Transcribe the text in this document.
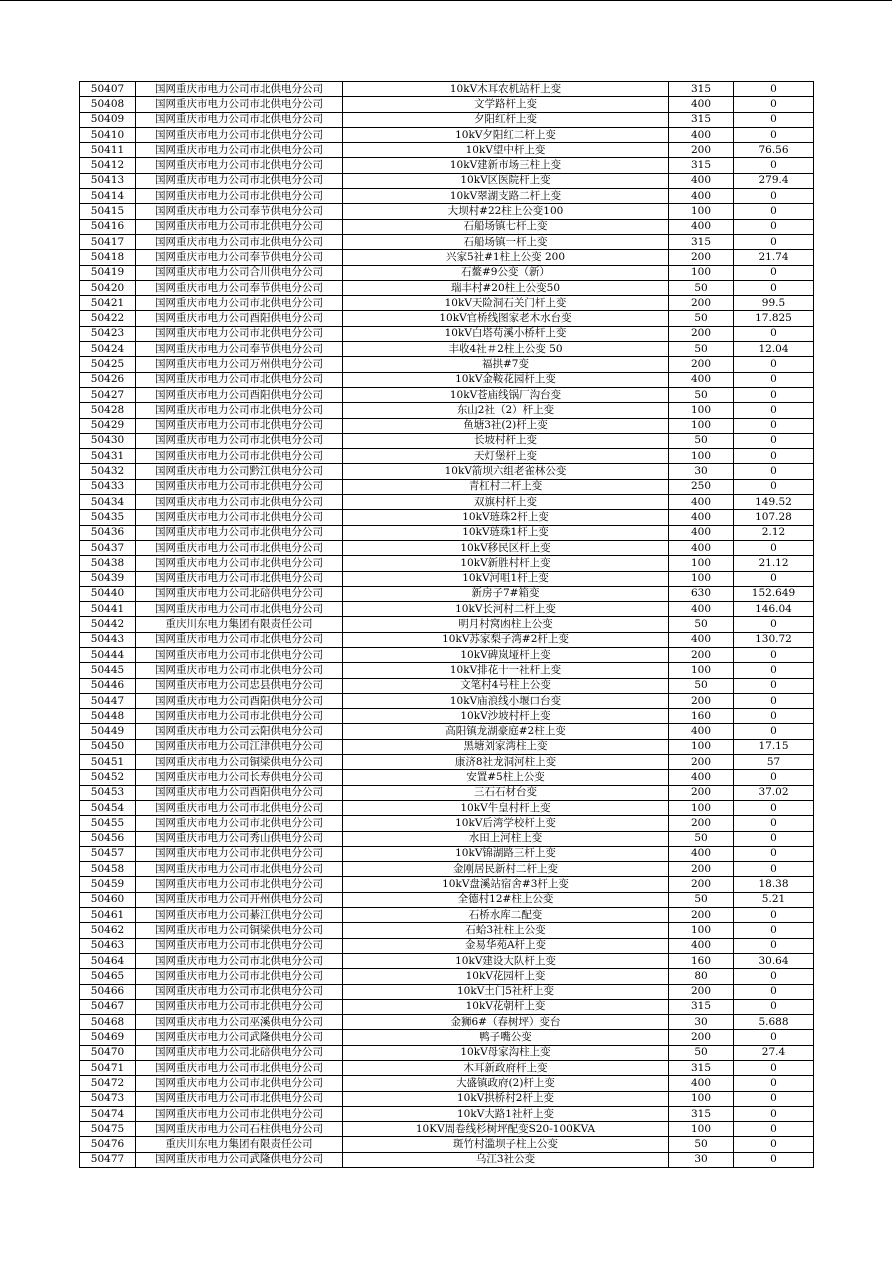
50407	国网重庆市电力公司市北供电分公司	10kV木耳农机站杆上变	315	0
50408	国网重庆市电力公司市北供电分公司	文学路杆上变	400	0
50409	国网重庆市电力公司市北供电分公司	夕阳红杆上变	315	0
50410	国网重庆市电力公司市北供电分公司	10kV夕阳红二杆上变	400	0
50411	国网重庆市电力公司市北供电分公司	10kV望中杆上变	200	76.56
50412	国网重庆市电力公司市北供电分公司	10kV建新市场三柱上变	315	0
50413	国网重庆市电力公司市北供电分公司	10kV区医院杆上变	400	279.4
50414	国网重庆市电力公司市北供电分公司	10kV翠湖支路二杆上变	400	0
50415	国网重庆市电力公司奉节供电分公司	大坝村#22柱上公变100	100	0
50416	国网重庆市电力公司市北供电分公司	石船场镇七杆上变	400	0
50417	国网重庆市电力公司市北供电分公司	石船场镇一杆上变	315	0
50418	国网重庆市电力公司奉节供电分公司	兴家5社#1柱上公变 200	200	21.74
50419	国网重庆市电力公司合川供电分公司	石鳌#9公变（新）	100	0
50420	国网重庆市电力公司奉节供电分公司	瑞丰村#20柱上公变50	50	0
50421	国网重庆市电力公司市北供电分公司	10kV天险洞石关门杆上变	200	99.5
50422	国网重庆市电力公司酉阳供电分公司	10kV官桥线图家老木水台变	50	17.825
50423	国网重庆市电力公司市北供电分公司	10kV白塔苟溪小桥杆上变	200	0
50424	国网重庆市电力公司奉节供电分公司	丰收4社＃2柱上公变 50	50	12.04
50425	国网重庆市电力公司万州供电分公司	福拱#7变	200	0
50426	国网重庆市电力公司市北供电分公司	10kV金鞍花园杆上变	400	0
50427	国网重庆市电力公司酉阳供电分公司	10kV苍庙线锅厂沟台变	50	0
50428	国网重庆市电力公司市北供电分公司	东山2社（2）杆上变	100	0
50429	国网重庆市电力公司市北供电分公司	鱼塘3社(2)杆上变	100	0
50430	国网重庆市电力公司市北供电分公司	长坡村杆上变	50	0
50431	国网重庆市电力公司市北供电分公司	天灯堡杆上变	100	0
50432	国网重庆市电力公司黔江供电分公司	10kV箭坝六组老雀林公变	30	0
50433	国网重庆市电力公司市北供电分公司	青杠村二杆上变	250	0
50434	国网重庆市电力公司市北供电分公司	双旗村杆上变	400	149.52
50435	国网重庆市电力公司市北供电分公司	10kV琏珠2杆上变	400	107.28
50436	国网重庆市电力公司市北供电分公司	10kV琏珠1杆上变	400	2.12
50437	国网重庆市电力公司市北供电分公司	10kV移民区杆上变	400	0
50438	国网重庆市电力公司市北供电分公司	10kV新胜村杆上变	100	21.12
50439	国网重庆市电力公司市北供电分公司	10kV河咀1杆上变	100	0
50440	国网重庆市电力公司北碚供电分公司	新房子7#箱变	630	152.649
50441	国网重庆市电力公司市北供电分公司	10kV长河村二杆上变	400	146.04
50442	重庆川东电力集团有限责任公司	明月村窝凼柱上公变	50	0
50443	国网重庆市电力公司市北供电分公司	10kV苏家梨子湾#2杆上变	400	130.72
50444	国网重庆市电力公司市北供电分公司	10kV碑岚垭杆上变	200	0
50445	国网重庆市电力公司市北供电分公司	10kV排花十一社杆上变	100	0
50446	国网重庆市电力公司忠县供电分公司	文笔村4号柱上公变	50	0
50447	国网重庆市电力公司酉阳供电分公司	10kV庙浪线小堰口台变	200	0
50448	国网重庆市电力公司市北供电分公司	10kV沙坡村杆上变	160	0
50449	国网重庆市电力公司云阳供电分公司	高阳镇龙湖豪庭#2柱上变	400	0
50450	国网重庆市电力公司江津供电分公司	黑塘刘家湾柱上变	100	17.15
50451	国网重庆市电力公司铜梁供电分公司	康济8社龙洞河柱上变	200	57
50452	国网重庆市电力公司长寿供电分公司	安置#5柱上公变	400	0
50453	国网重庆市电力公司酉阳供电分公司	三石石材台变	200	37.02
50454	国网重庆市电力公司市北供电分公司	10kV牛皇村杆上变	100	0
50455	国网重庆市电力公司市北供电分公司	10kV后湾学校杆上变	200	0
50456	国网重庆市电力公司秀山供电分公司	水田上河柱上变	50	0
50457	国网重庆市电力公司市北供电分公司	10kV锦湖路三杆上变	400	0
50458	国网重庆市电力公司市北供电分公司	金刚居民新村二杆上变	200	0
50459	国网重庆市电力公司市北供电分公司	10kV盘溪站宿舍#3杆上变	200	18.38
50460	国网重庆市电力公司开州供电分公司	全德村12#柱上公变	50	5.21
50461	国网重庆市电力公司綦江供电分公司	石桥水库二配变	200	0
50462	国网重庆市电力公司铜梁供电分公司	石蛤3社柱上公变	100	0
50463	国网重庆市电力公司市北供电分公司	金易华苑A杆上变	400	0
50464	国网重庆市电力公司市北供电分公司	10kV建设大队杆上变	160	30.64
50465	国网重庆市电力公司市北供电分公司	10kV花园杆上变	80	0
50466	国网重庆市电力公司市北供电分公司	10kV土门5社杆上变	200	0
50467	国网重庆市电力公司市北供电分公司	10kV花朝杆上变	315	0
50468	国网重庆市电力公司巫溪供电分公司	金狮6#（春树坪）变台	30	5.688
50469	国网重庆市电力公司武隆供电分公司	鸭子嘴公变	200	0
50470	国网重庆市电力公司北碚供电分公司	10kV母家沟柱上变	50	27.4
50471	国网重庆市电力公司市北供电分公司	木耳新政府杆上变	315	0
50472	国网重庆市电力公司市北供电分公司	大盛镇政府(2)杆上变	400	0
50473	国网重庆市电力公司市北供电分公司	10kV拱桥村2杆上变	100	0
50474	国网重庆市电力公司市北供电分公司	10kV大路1社杆上变	315	0
50475	国网重庆市电力公司石柱供电分公司	10KV周卷线杉树坪配变S20-100KVA	100	0
50476	重庆川东电力集团有限责任公司	斑竹村滥坝子柱上公变	50	0
50477	国网重庆市电力公司武隆供电分公司	乌江3社公变	30	0
